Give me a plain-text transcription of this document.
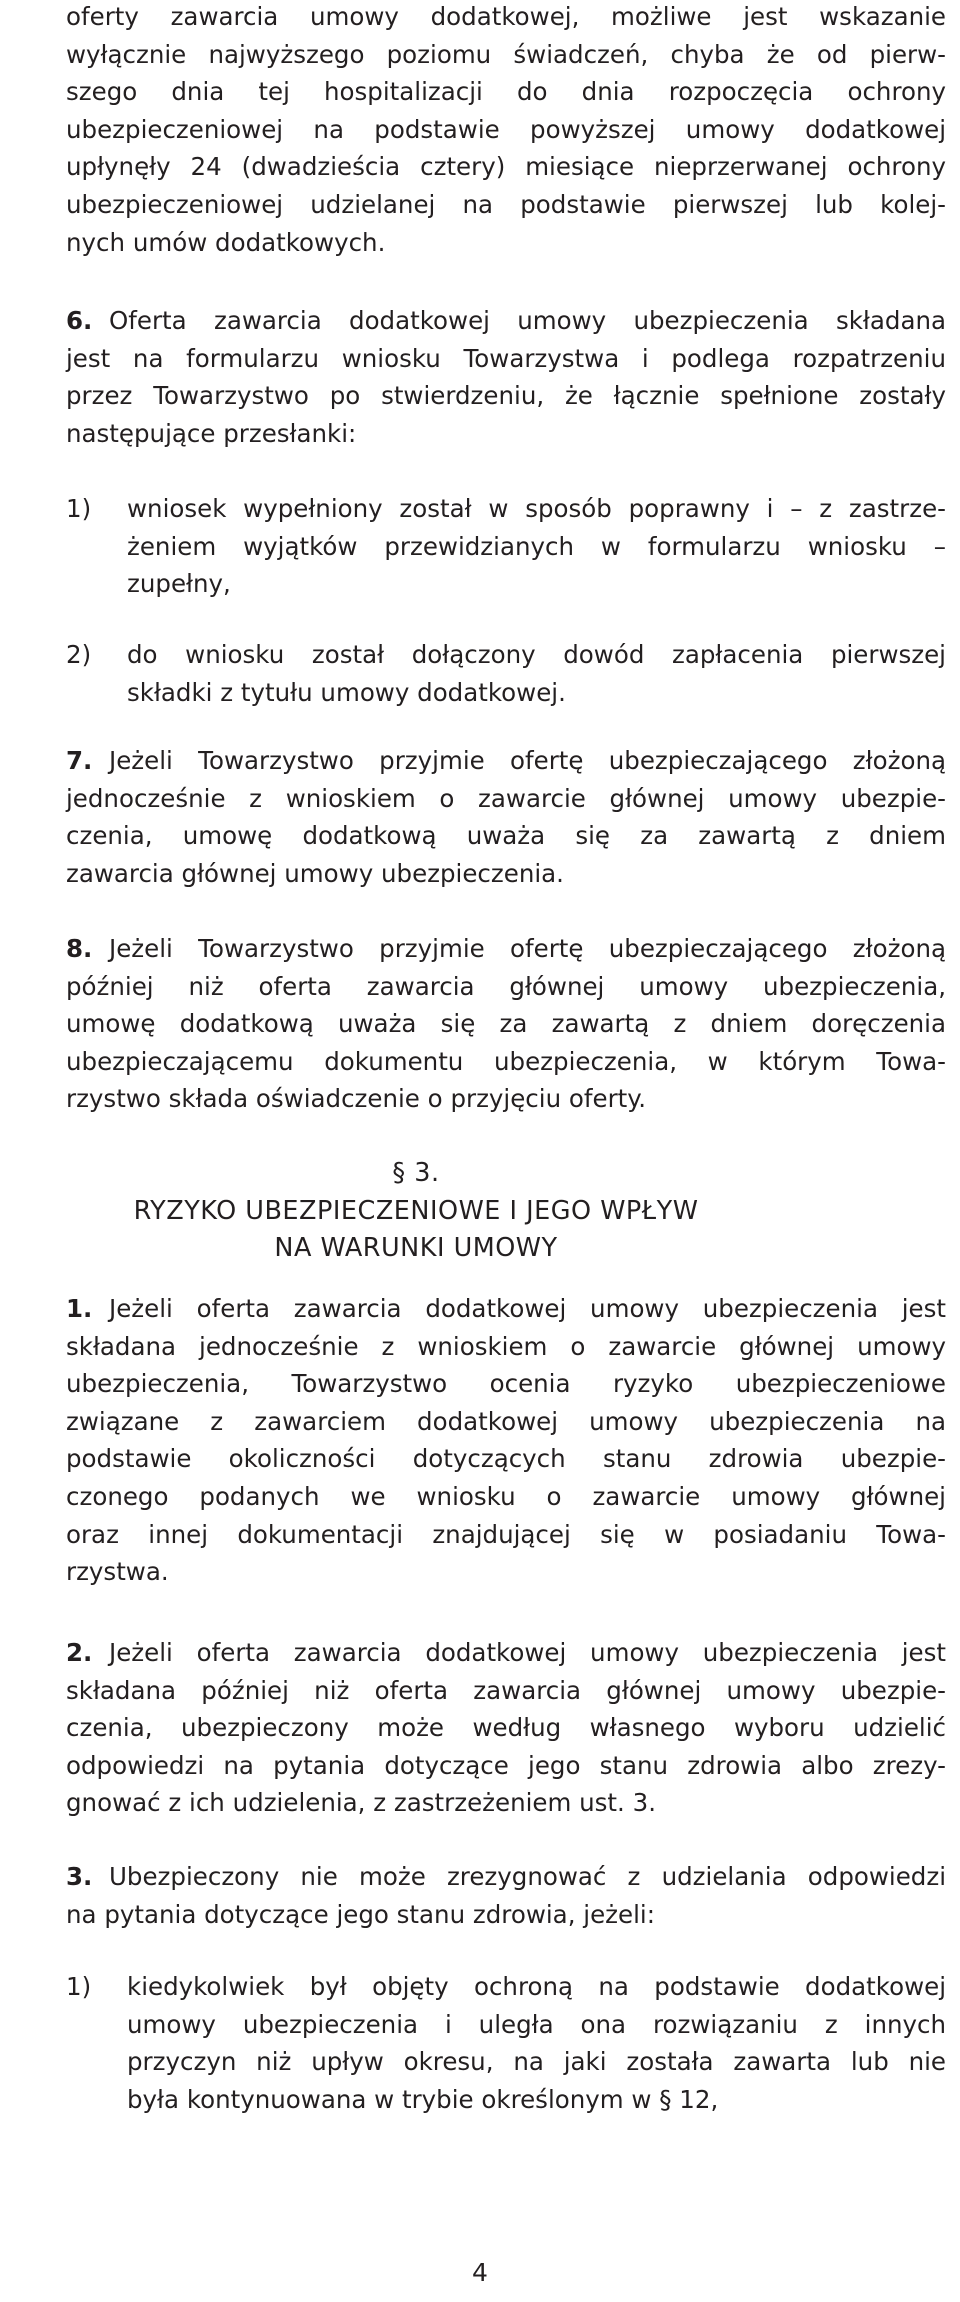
oferty zawarcia umowy dodatkowej, możliwe jest wskazanie
wyłącznie najwyższego poziomu świadczeń, chyba że od pierw-
szego dnia tej hospitalizacji do dnia rozpoczęcia ochrony
ubezpieczeniowej na podstawie powyższej umowy dodatkowej
upłynęły 24 (dwadzieścia cztery) miesiące nieprzerwanej ochrony
ubezpieczeniowej udzielanej na podstawie pierwszej lub kolej-
nych umów dodatkowych.
6. Oferta zawarcia dodatkowej umowy ubezpieczenia składana
jest na formularzu wniosku Towarzystwa i podlega rozpatrzeniu
przez Towarzystwo po stwierdzeniu, że łącznie spełnione zostały
następujące przesłanki:
1) wniosek wypełniony został w sposób poprawny i – z zastrze-
żeniem wyjątków przewidzianych w formularzu wniosku –
zupełny,
2) do wniosku został dołączony dowód zapłacenia pierwszej
składki z tytułu umowy dodatkowej.
7. Jeżeli Towarzystwo przyjmie ofertę ubezpieczającego złożoną
jednocześnie z wnioskiem o zawarcie głównej umowy ubezpie-
czenia, umowę dodatkową uważa się za zawartą z dniem
zawarcia głównej umowy ubezpieczenia.
8. Jeżeli Towarzystwo przyjmie ofertę ubezpieczającego złożoną
później niż oferta zawarcia głównej umowy ubezpieczenia,
umowę dodatkową uważa się za zawartą z dniem doręczenia
ubezpieczającemu dokumentu ubezpieczenia, w którym Towa-
rzystwo składa oświadczenie o przyjęciu oferty.
§ 3.
RYZYKO UBEZPIECZENIOWE I JEGO WPŁYW
NA WARUNKI UMOWY
1. Jeżeli oferta zawarcia dodatkowej umowy ubezpieczenia jest
składana jednocześnie z wnioskiem o zawarcie głównej umowy
ubezpieczenia, Towarzystwo ocenia ryzyko ubezpieczeniowe
związane z zawarciem dodatkowej umowy ubezpieczenia na
podstawie okoliczności dotyczących stanu zdrowia ubezpie-
czonego podanych we wniosku o zawarcie umowy głównej
oraz innej dokumentacji znajdującej się w posiadaniu Towa-
rzystwa.
2. Jeżeli oferta zawarcia dodatkowej umowy ubezpieczenia jest
składana później niż oferta zawarcia głównej umowy ubezpie-
czenia, ubezpieczony może według własnego wyboru udzielić
odpowiedzi na pytania dotyczące jego stanu zdrowia albo zrezy-
gnować z ich udzielenia, z zastrzeżeniem ust. 3.
3. Ubezpieczony nie może zrezygnować z udzielania odpowiedzi
na pytania dotyczące jego stanu zdrowia, jeżeli:
1) kiedykolwiek był objęty ochroną na podstawie dodatkowej
umowy ubezpieczenia i uległa ona rozwiązaniu z innych
przyczyn niż upływ okresu, na jaki została zawarta lub nie
była kontynuowana w trybie określonym w § 12,
4
